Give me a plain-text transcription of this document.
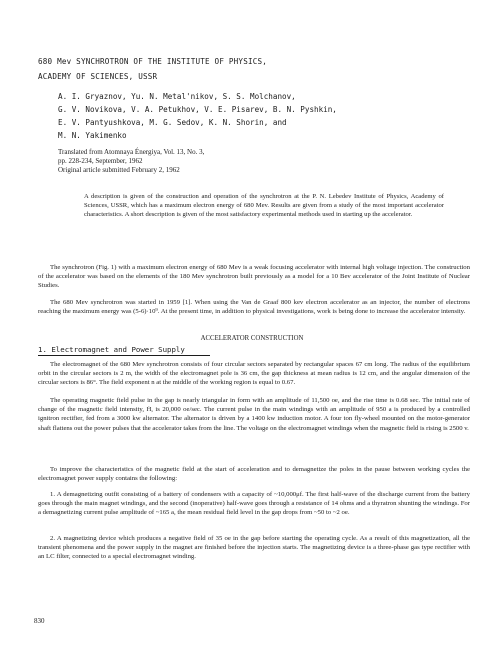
680 Mev SYNCHROTRON OF THE INSTITUTE OF PHYSICS,
ACADEMY OF SCIENCES, USSR
A. I. Gryaznov, Yu. N. Metal'nikov, S. S. Molchanov,
G. V. Novikova, V. A. Petukhov, V. E. Pisarev, B. N. Pyshkin,
E. V. Pantyushkova, M. G. Sedov, K. N. Shorin, and
M. N. Yakimenko
Translated from Atomnaya Énergiya, Vol. 13, No. 3,
pp. 228-234, September, 1962
Original article submitted February 2, 1962
A description is given of the construction and operation of the synchrotron at the P. N. Lebedev Institute of Physics, Academy of Sciences, USSR, which has a maximum electron energy of 680 Mev. Results are given from a study of the most important accelerator characteristics. A short description is given of the most satisfactory experimental methods used in starting up the accelerator.
The synchrotron (Fig. 1) with a maximum electron energy of 680 Mev is a weak focusing accelerator with internal high voltage injection. The construction of the accelerator was based on the elements of the 180 Mev synchrotron built previously as a model for a 10 Bev accelerator of the Joint Institute of Nuclear Studies.
The 680 Mev synchrotron was started in 1959 [1]. When using the Van de Graaf 800 kev electron accelerator as an injector, the number of electrons reaching the maximum energy was (5-6)·10⁹. At the present time, in addition to physical investigations, work is being done to increase the accelerator intensity.
ACCELERATOR CONSTRUCTION
1. Electromagnet and Power Supply
The electromagnet of the 680 Mev synchrotron consists of four circular sectors separated by rectangular spaces 67 cm long. The radius of the equilibrium orbit in the circular sectors is 2 m, the width of the electromagnet pole is 36 cm, the gap thickness at mean radius is 12 cm, and the angular dimension of the circular sectors is 86°. The field exponent n at the middle of the working region is equal to 0.67.
The operating magnetic field pulse in the gap is nearly triangular in form with an amplitude of 11,500 oe, and the rise time is 0.68 sec. The initial rate of change of the magnetic field intensity, Ḣ, is 20,000 oe/sec. The current pulse in the main windings with an amplitude of 950 a is produced by a controlled ignitron rectifier, fed from a 3000 kw alternator. The alternator is driven by a 1400 kw induction motor. A four ton fly-wheel mounted on the motor-generator shaft flattens out the power pulses that the accelerator takes from the line. The voltage on the electromagnet windings when the magnetic field is rising is 2500 v.
To improve the characteristics of the magnetic field at the start of acceleration and to demagnetize the poles in the pause between working cycles the electromagnet power supply contains the following:
1. A demagnetizing outfit consisting of a battery of condensers with a capacity of ~10,000μf. The first half-wave of the discharge current from the battery goes through the main magnet windings, and the second (inoperative) half-wave goes through a resistance of 14 ohms and a thyratron shunting the windings. For a demagnetizing current pulse amplitude of ~165 a, the mean residual field level in the gap drops from ~50 to ~2 oe.
2. A magnetizing device which produces a negative field of 35 oe in the gap before starting the operating cycle. As a result of this magnetization, all the transient phenomena and the power supply in the magnet are finished before the injection starts. The magnetizing device is a three-phase gas type rectifier with an LC filter, connected to a special electromagnet winding.
830
